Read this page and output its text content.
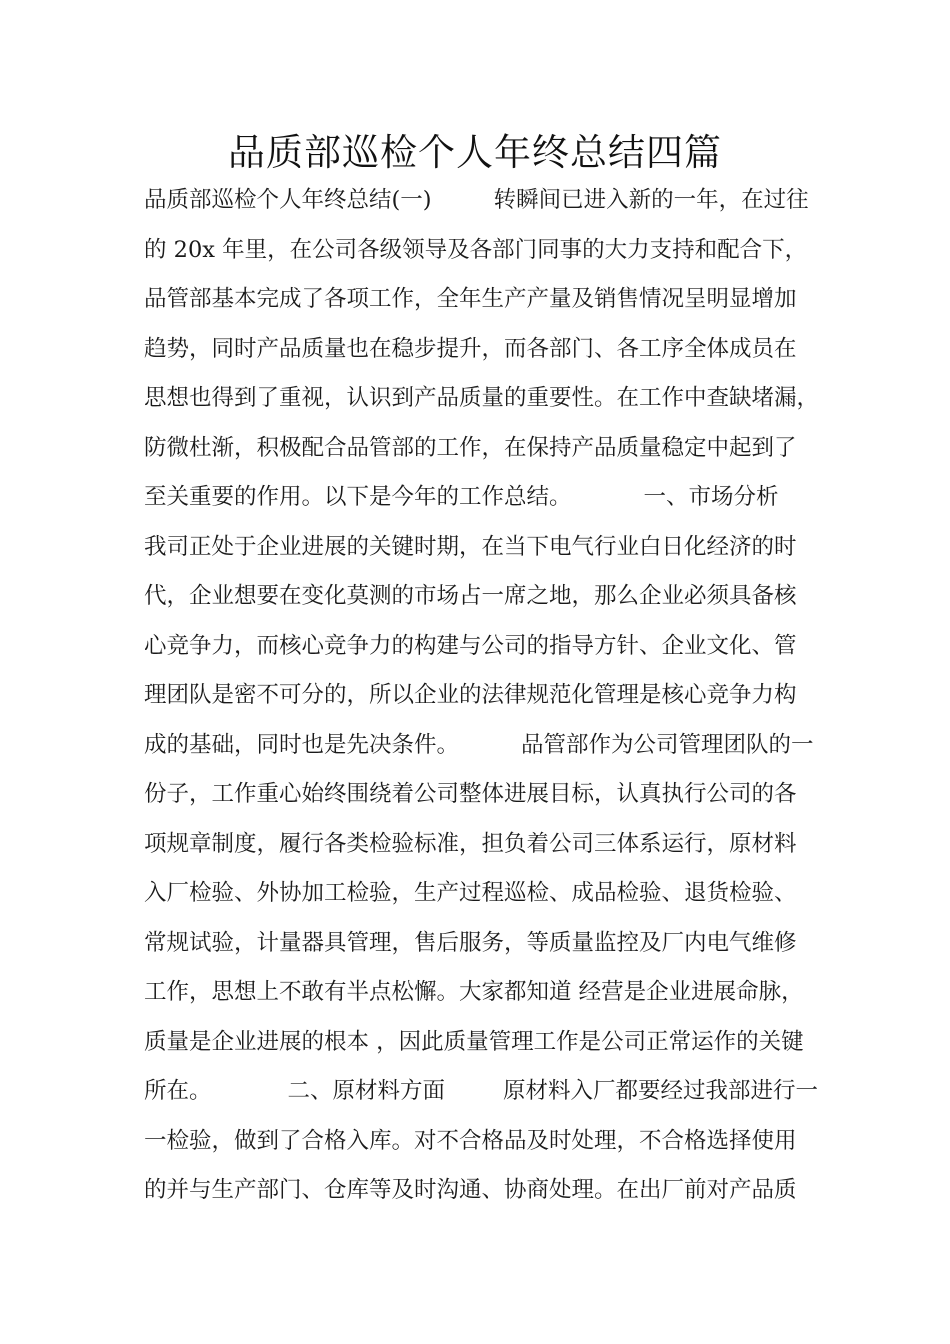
品质部巡检个人年终总结四篇
品质部巡检个人年终总结(一)	转瞬间已进入新的一年，在过往
的 20x 年里，在公司各级领导及各部门同事的大力支持和配合下，
品管部基本完成了各项工作，全年生产产量及销售情况呈明显增加
趋势，同时产品质量也在稳步提升，而各部门、各工序全体成员在
思想也得到了重视，认识到产品质量的重要性。在工作中查缺堵漏，
防微杜渐，积极配合品管部的工作，在保持产品质量稳定中起到了
至关重要的作用。以下是今年的工作总结。	一、市场分析
我司正处于企业进展的关键时期，在当下电气行业白日化经济的时
代，企业想要在变化莫测的市场占一席之地，那么企业必须具备核
心竞争力，而核心竞争力的构建与公司的指导方针、企业文化、管
理团队是密不可分的，所以企业的法律规范化管理是核心竞争力构
成的基础，同时也是先决条件。	品管部作为公司管理团队的一
份子，工作重心始终围绕着公司整体进展目标，认真执行公司的各
项规章制度，履行各类检验标准，担负着公司三体系运行，原材料
入厂检验、外协加工检验，生产过程巡检、成品检验、退货检验、
常规试验，计量器具管理，售后服务，等质量监控及厂内电气维修
工作，思想上不敢有半点松懈。大家都知道 经营是企业进展命脉，
质量是企业进展的根本 ，因此质量管理工作是公司正常运作的关键
所在。	二、原材料方面	原材料入厂都要经过我部进行一
一检验，做到了合格入库。对不合格品及时处理，不合格选择使用
的并与生产部门、仓库等及时沟通、协商处理。在出厂前对产品质
